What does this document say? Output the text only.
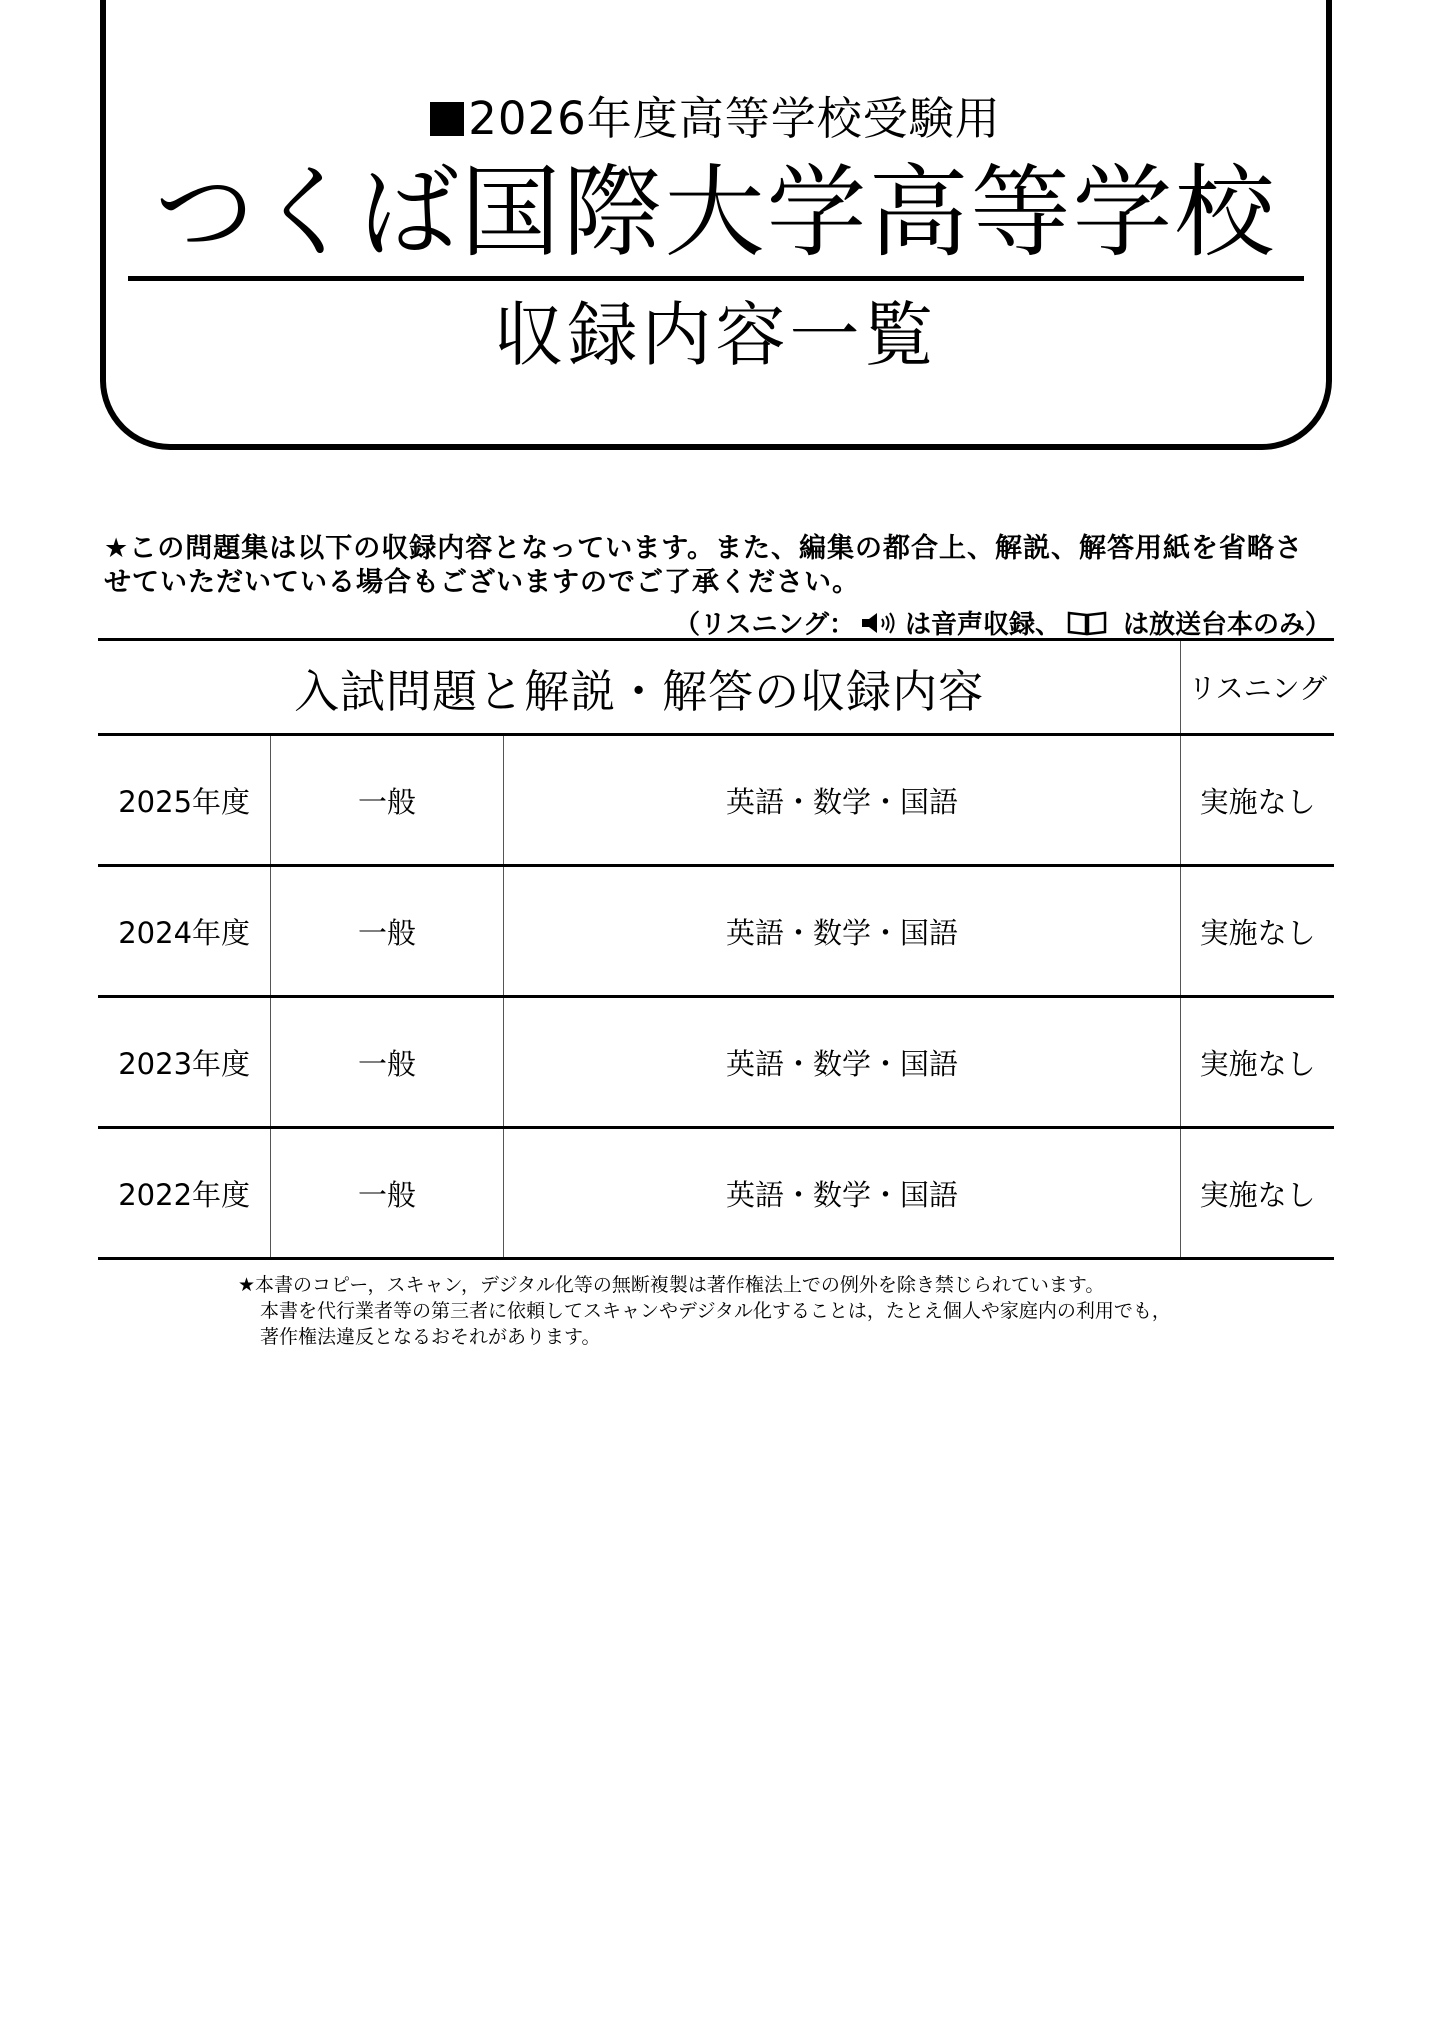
2026年度高等学校受験用
つくば国際大学高等学校
収録内容一覧
★この問題集は以下の収録内容となっています。また、編集の都合上、解説、解答用紙を省略さ
せていただいている場合もございますのでご了承ください。
（リスニング： は音声収録、 は放送台本のみ）
入試問題と解説・解答の収録内容			リスニング
2025年度	一般	英語・数学・国語	実施なし
2024年度	一般	英語・数学・国語	実施なし
2023年度	一般	英語・数学・国語	実施なし
2022年度	一般	英語・数学・国語	実施なし
★本書のコピー，スキャン，デジタル化等の無断複製は著作権法上での例外を除き禁じられています。
本書を代行業者等の第三者に依頼してスキャンやデジタル化することは，たとえ個人や家庭内の利用でも，
著作権法違反となるおそれがあります。
